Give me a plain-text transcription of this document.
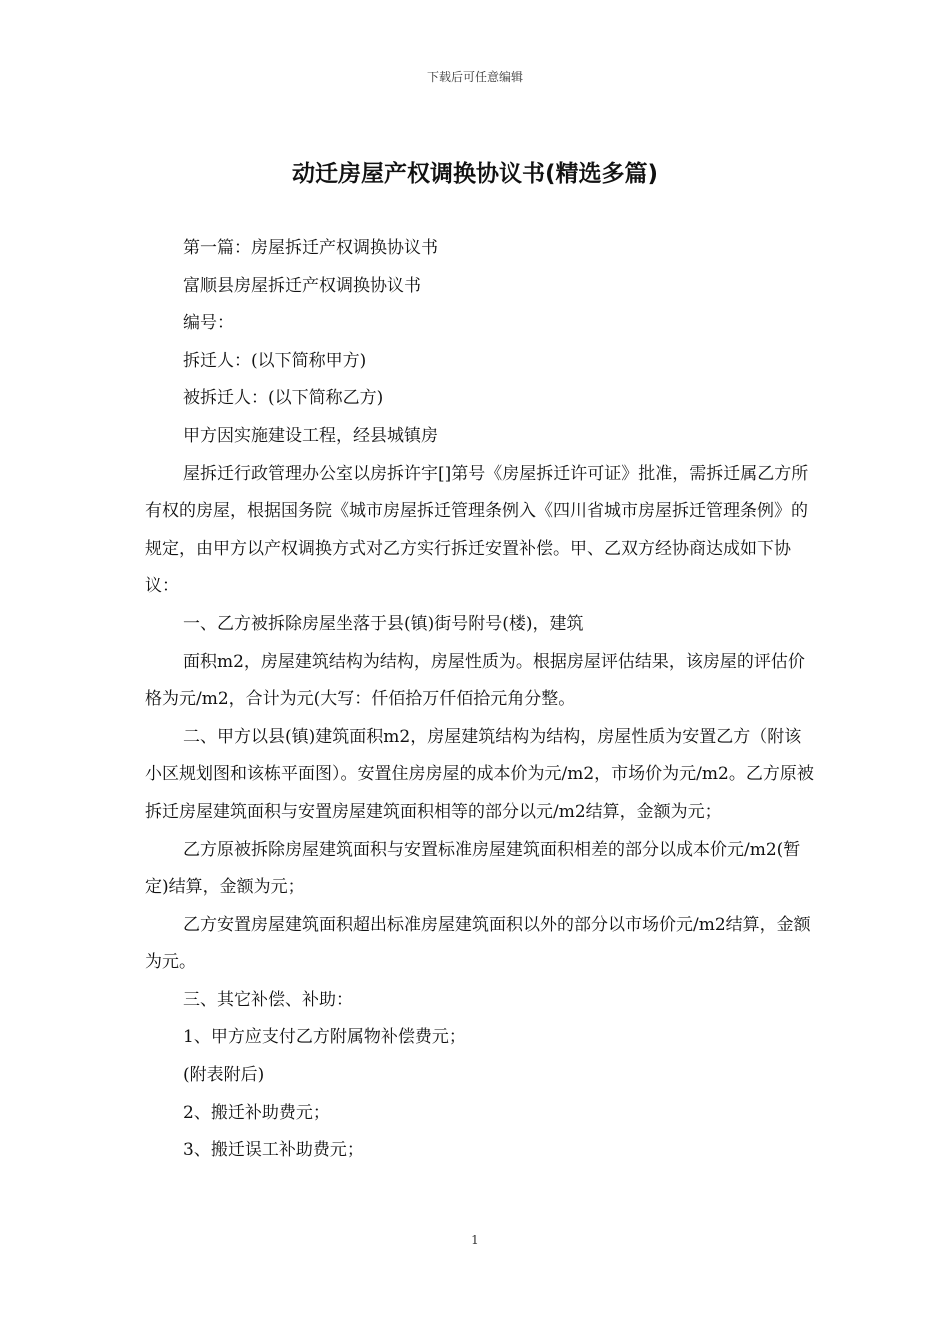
下载后可任意编辑
动迁房屋产权调换协议书(精选多篇)

第一篇：房屋拆迁产权调换协议书

富顺县房屋拆迁产权调换协议书

编号：

拆迁人：(以下简称甲方)

被拆迁人：(以下简称乙方)

甲方因实施建设工程，经县城镇房

屋拆迁行政管理办公室以房拆许宇[]第号《房屋拆迁许可证》批准，需拆迁属乙方所有权的房屋，根据国务院《城市房屋拆迁管理条例入《四川省城市房屋拆迁管理条例》的规定，由甲方以产权调换方式对乙方实行拆迁安置补偿。甲、乙双方经协商达成如下协议：

一、乙方被拆除房屋坐落于县(镇)街号附号(楼)，建筑

面积m2，房屋建筑结构为结构，房屋性质为。根据房屋评估结果，该房屋的评估价格为元/m2，合计为元(大写：仟佰拾万仟佰拾元角分整。

二、甲方以县(镇)建筑面积m2，房屋建筑结构为结构，房屋性质为安置乙方（附该小区规划图和该栋平面图）。安置住房房屋的成本价为元/m2，市场价为元/m2。乙方原被拆迁房屋建筑面积与安置房屋建筑面积相等的部分以元/m2结算，金额为元；

乙方原被拆除房屋建筑面积与安置标准房屋建筑面积相差的部分以成本价元/m2(暂定)结算，金额为元；

乙方安置房屋建筑面积超出标准房屋建筑面积以外的部分以市场价元/m2结算，金额为元。

三、其它补偿、补助：

1、甲方应支付乙方附属物补偿费元；

(附表附后)

2、搬迁补助费元；

3、搬迁误工补助费元；

1
